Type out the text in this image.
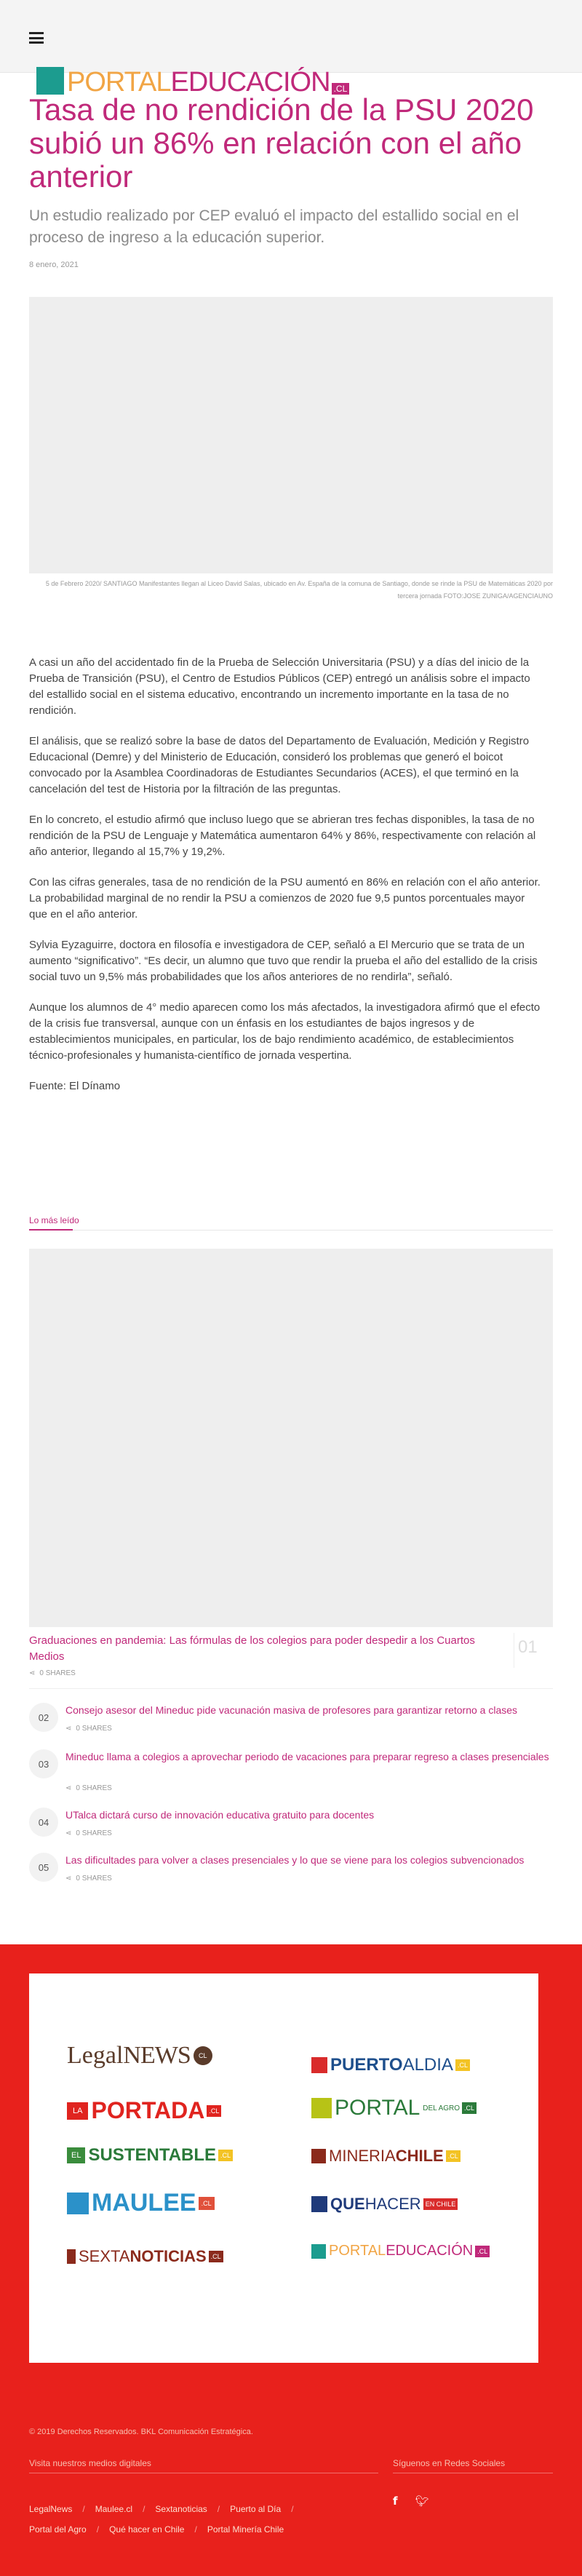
PORTALEDUCACIÓN .CL
Tasa de no rendición de la PSU 2020 subió un 86% en relación con el año anterior
Un estudio realizado por CEP evaluó el impacto del estallido social en el proceso de ingreso a la educación superior.
8 enero, 2021
5 de Febrero 2020/ SANTIAGO Manifestantes llegan al Liceo David Salas, ubicado en Av. España de la comuna de Santiago, donde se rinde la PSU de Matemáticas 2020 por tercera jornada FOTO:JOSE ZUNIGA/AGENCIAUNO

A casi un año del accidentado fin de la Prueba de Selección Universitaria (PSU) y a días del inicio de la Prueba de Transición (PSU), el Centro de Estudios Públicos (CEP) entregó un análisis sobre el impacto del estallido social en el sistema educativo, encontrando un incremento importante en la tasa de no rendición.

El análisis, que se realizó sobre la base de datos del Departamento de Evaluación, Medición y Registro Educacional (Demre) y del Ministerio de Educación, consideró los problemas que generó el boicot convocado por la Asamblea Coordinadoras de Estudiantes Secundarios (ACES), el que terminó en la cancelación del test de Historia por la filtración de las preguntas.

En lo concreto, el estudio afirmó que incluso luego que se abrieran tres fechas disponibles, la tasa de no rendición de la PSU de Lenguaje y Matemática aumentaron 64% y 86%, respectivamente con relación al año anterior, llegando al 15,7% y 19,2%.

Con las cifras generales, tasa de no rendición de la PSU aumentó en 86% en relación con el año anterior. La probabilidad marginal de no rendir la PSU a comienzos de 2020 fue 9,5 puntos porcentuales mayor que en el año anterior.

Sylvia Eyzaguirre, doctora en filosofía e investigadora de CEP, señaló a El Mercurio que se trata de un aumento “significativo”. “Es decir, un alumno que tuvo que rendir la prueba el año del estallido de la crisis social tuvo un 9,5% más probabilidades que los años anteriores de no rendirla”, señaló.

Aunque los alumnos de 4° medio aparecen como los más afectados, la investigadora afirmó que el efecto de la crisis fue transversal, aunque con un énfasis en los estudiantes de bajos ingresos y de establecimientos municipales, en particular, los de bajo rendimiento académico, de establecimientos técnico-profesionales y humanista-científico de jornada vespertina.

Fuente: El Dínamo

Lo más leído
Graduaciones en pandemia: Las fórmulas de los colegios para poder despedir a los Cuartos Medios	01
⋖ 0 SHARES
02
Consejo asesor del Mineduc pide vacunación masiva de profesores para garantizar retorno a clases
⋖ 0 SHARES
03
Mineduc llama a colegios a aprovechar periodo de vacaciones para preparar regreso a clases presenciales
⋖ 0 SHARES
04
UTalca dictará curso de innovación educativa gratuito para docentes
⋖ 0 SHARES
05
Las dificultades para volver a clases presenciales y lo que se viene para los colegios subvencionados
⋖ 0 SHARES
Legal NEWS	CL	PUERTO ALDIA .CL
LA PORTADA .CL	PORTAL DEL AGRO .CL
EL SUSTENTABLE .CL	MINERIA CHILE .CL
MAULEE .CL	QUE HACER EN CHILE
SEXTA NOTICIAS .CL	PORTAL EDUCACIÓN .CL
© 2019 Derechos Reservados. BKL Comunicación Estratégica.
Visita nuestros medios digitales	Síguenos en Redes Sociales
LegalNews / Maulee.cl / Sextanoticias / Puerto al Día /
Portal del Agro / Qué hacer en Chile / Portal Minería Chile
f 🐦︎
